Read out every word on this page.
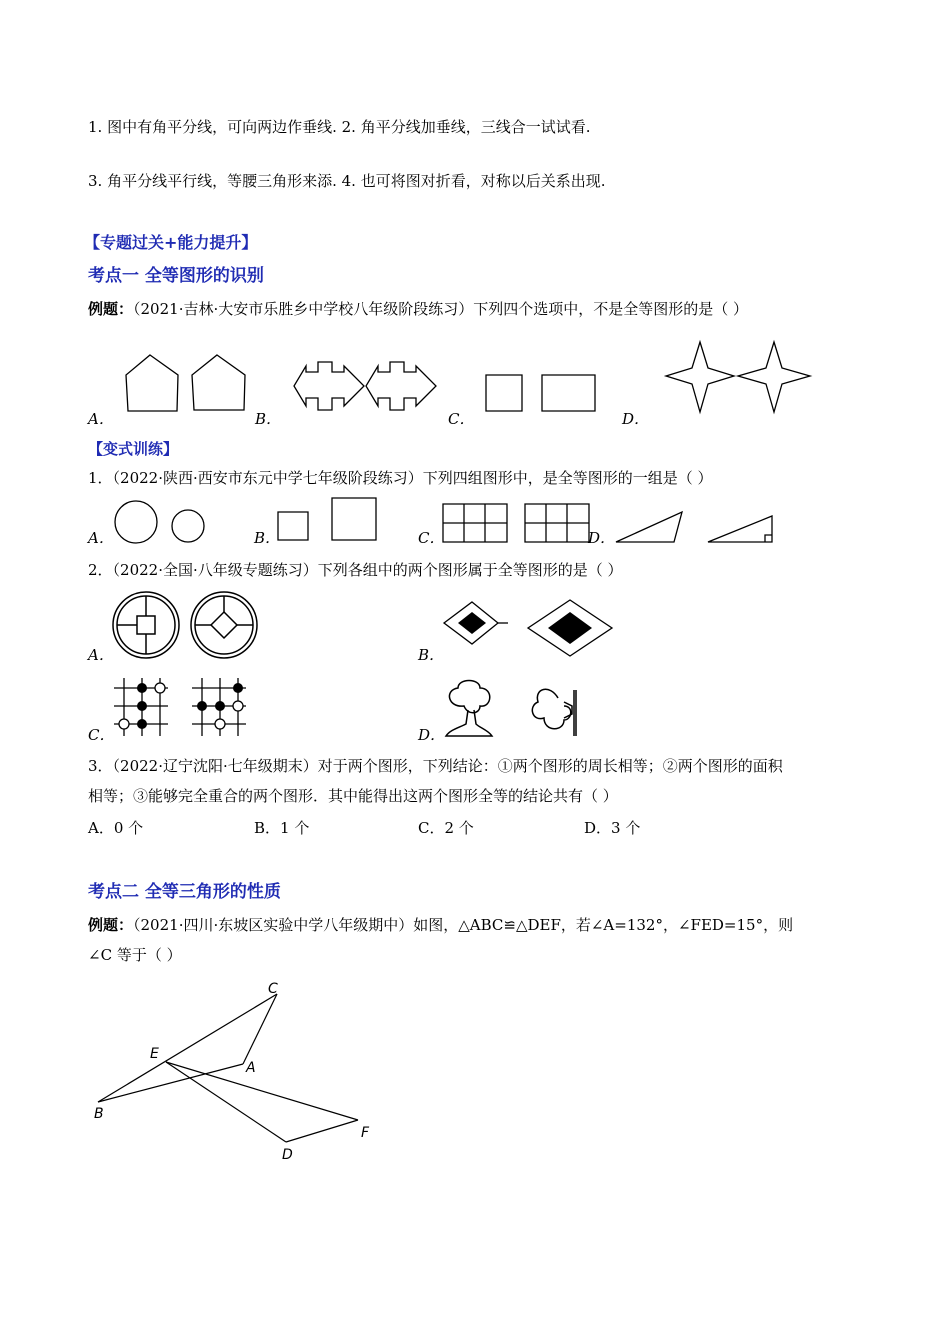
1. 图中有角平分线，可向两边作垂线. 2. 角平分线加垂线，三线合一试试看.
3. 角平分线平行线，等腰三角形来添. 4. 也可将图对折看，对称以后关系出现.
【专题过关+能力提升】
考点一 全等图形的识别
例题：（2021·吉林·大安市乐胜乡中学校八年级阶段练习）下列四个选项中，不是全等图形的是（ ）
A．	B．	C．	D．
【变式训练】
1．（2022·陕西·西安市东元中学七年级阶段练习）下列四组图形中，是全等图形的一组是（ ）
A．	B．	C．	D．
2．（2022·全国·八年级专题练习）下列各组中的两个图形属于全等图形的是（ ）
A．	B．
C．	D．
3．（2022·辽宁沈阳·七年级期末）对于两个图形，下列结论：①两个图形的周长相等；②两个图形的面积
相等；③能够完全重合的两个图形．其中能得出这两个图形全等的结论共有（ ）
A．0 个	B．1 个	C．2 个	D．3 个
考点二 全等三角形的性质
例题：（2021·四川·东坡区实验中学八年级期中）如图，△ABC≌△DEF，若∠A=132°，∠FED=15°，则
∠C 等于（ ）
C
E
A
B
D
F
